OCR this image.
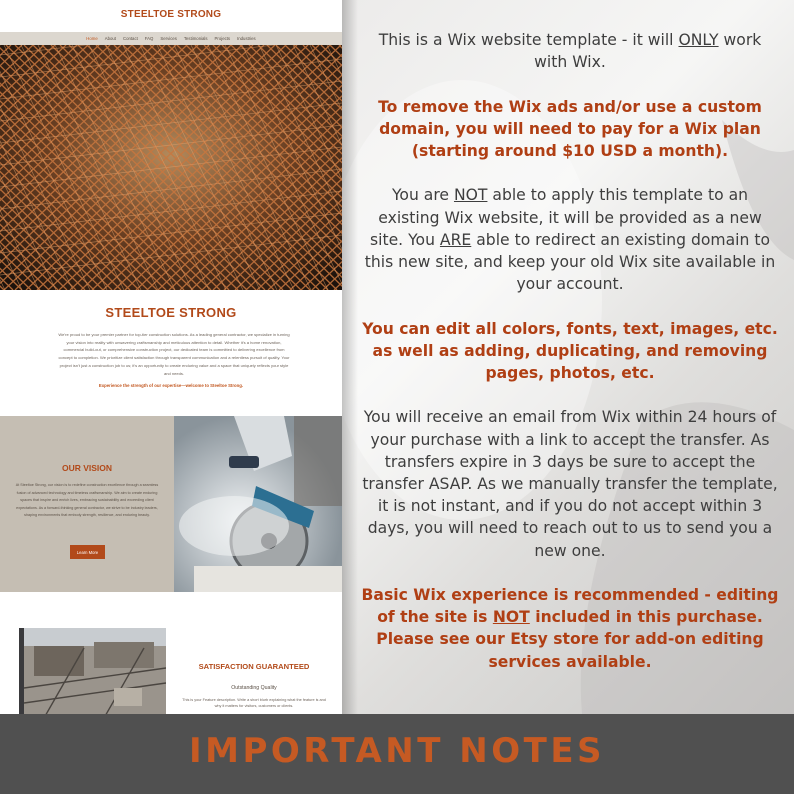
STEELTOE STRONG
Home About Contact FAQ Services Testimonials Projects Industries
STEELTOE STRONG
We're proud to be your premier partner for top-tier construction solutions. As a leading general contractor, we specialize in turning your vision into reality with unwavering craftsmanship and meticulous attention to detail. Whether it's a home renovation, commercial build-out, or comprehensive construction project, our dedicated team is committed to delivering excellence from concept to completion. We prioritize client satisfaction through transparent communication and a relentless pursuit of quality. Your project isn't just a construction job to us; it's an opportunity to create enduring value and a space that uniquely reflects your style and needs.
Experience the strength of our expertise—welcome to Steeltoe Strong.
OUR VISION
At Steeltoe Strong, our vision is to redefine construction excellence through a seamless fusion of advanced technology and timeless craftsmanship. We aim to create enduring spaces that inspire and enrich lives, embracing sustainability and exceeding client expectations. As a forward-thinking general contractor, we strive to be industry leaders, shaping environments that embody strength, resilience, and enduring beauty.
Learn More
SATISFACTION GUARANTEED
Outstanding Quality
This is your Feature description. Write a short blurb explaining what the feature is and why it matters for visitors, customers or clients.

This is a Wix website template - it will ONLY work with Wix.

To remove the Wix ads and/or use a custom domain, you will need to pay for a Wix plan (starting around $10 USD a month).

You are NOT able to apply this template to an existing Wix website, it will be provided as a new site. You ARE able to redirect an existing domain to this new site, and keep your old Wix site available in your account.

You can edit all colors, fonts, text, images, etc. as well as adding, duplicating, and removing pages, photos, etc.

You will receive an email from Wix within 24 hours of your purchase with a link to accept the transfer. As transfers expire in 3 days be sure to accept the transfer ASAP. As we manually transfer the template, it is not instant, and if you do not accept within 3 days, you will need to reach out to us to send you a new one.

Basic Wix experience is recommended - editing of the site is NOT included in this purchase. Please see our Etsy store for add-on editing services available.

IMPORTANT NOTES
